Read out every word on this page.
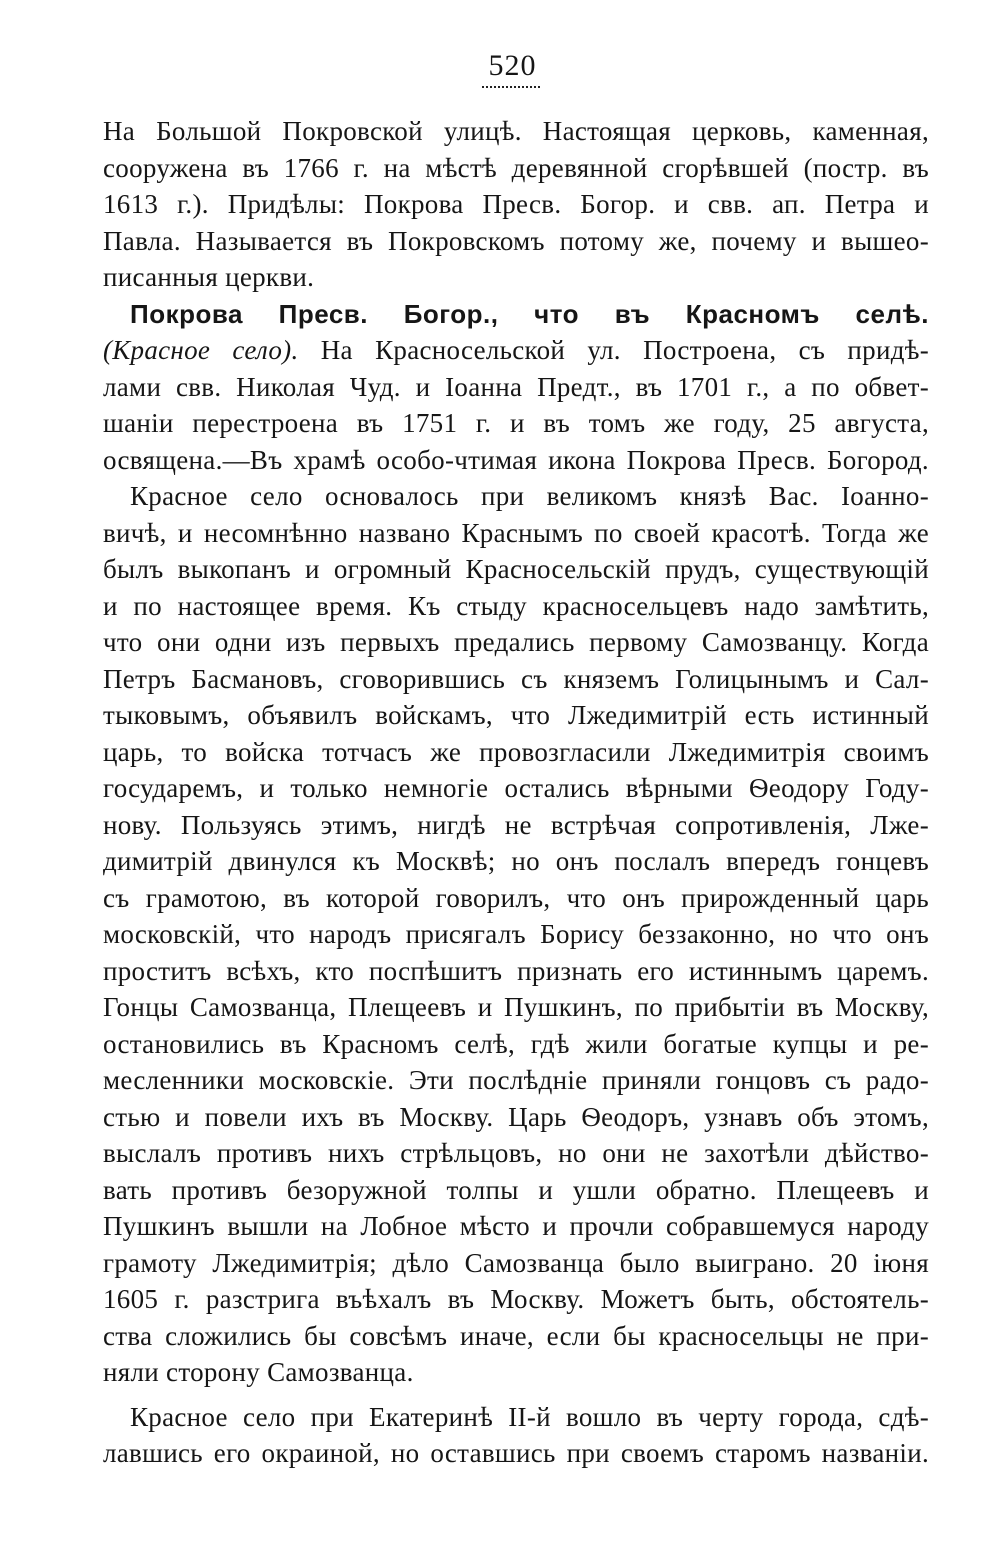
520
На Большой Покровской улицѣ. Настоящая церковь, каменная,
сооружена въ 1766 г. на мѣстѣ деревянной сгорѣвшей (постр. въ
1613 г.). Придѣлы: Покрова Пресв. Богор. и свв. ап. Петра и
Павла. Называется въ Покровскомъ потому же, почему и вышео-
писанныя церкви.
Покрова Пресв. Богор., что въ Красномъ селѣ.
(Красное село). На Красносельской ул. Построена, съ придѣ-
лами свв. Николая Чуд. и Іоанна Предт., въ 1701 г., а по обвет-
шаніи перестроена въ 1751 г. и въ томъ же году, 25 августа,
освящена.—Въ храмѣ особо-чтимая икона Покрова Пресв. Богород.
Красное село основалось при великомъ князѣ Вас. Іоанно-
вичѣ, и несомнѣнно названо Краснымъ по своей красотѣ. Тогда же
былъ выкопанъ и огромный Красносельскій прудъ, существующій
и по настоящее время. Къ стыду красносельцевъ надо замѣтить,
что они одни изъ первыхъ предались первому Самозванцу. Когда
Петръ Басмановъ, сговорившись съ княземъ Голицынымъ и Сал-
тыковымъ, объявилъ войскамъ, что Лжедимитрій есть истинный
царь, то войска тотчасъ же провозгласили Лжедимитрія своимъ
государемъ, и только немногіе остались вѣрными Ѳеодору Году-
нову. Пользуясь этимъ, нигдѣ не встрѣчая сопротивленія, Лже-
димитрій двинулся къ Москвѣ; но онъ послалъ впередъ гонцевъ
съ грамотою, въ которой говорилъ, что онъ прирожденный царь
московскій, что народъ присягалъ Борису беззаконно, но что онъ
проститъ всѣхъ, кто поспѣшитъ признать его истиннымъ царемъ.
Гонцы Самозванца, Плещеевъ и Пушкинъ, по прибытіи въ Москву,
остановились въ Красномъ селѣ, гдѣ жили богатые купцы и ре-
месленники московскіе. Эти послѣдніе приняли гонцовъ съ радо-
стью и повели ихъ въ Москву. Царь Ѳеодоръ, узнавъ объ этомъ,
выслалъ противъ нихъ стрѣльцовъ, но они не захотѣли дѣйство-
вать противъ безоружной толпы и ушли обратно. Плещеевъ и
Пушкинъ вышли на Лобное мѣсто и прочли собравшемуся народу
грамоту Лжедимитрія; дѣло Самозванца было выиграно. 20 іюня
1605 г. разстрига въѣхалъ въ Москву. Можетъ быть, обстоятель-
ства сложились бы совсѣмъ иначе, если бы красносельцы не при-
няли сторону Самозванца.
Красное село при Екатеринѣ II-й вошло въ черту города, сдѣ-
лавшись его окраиной, но оставшись при своемъ старомъ названіи.
